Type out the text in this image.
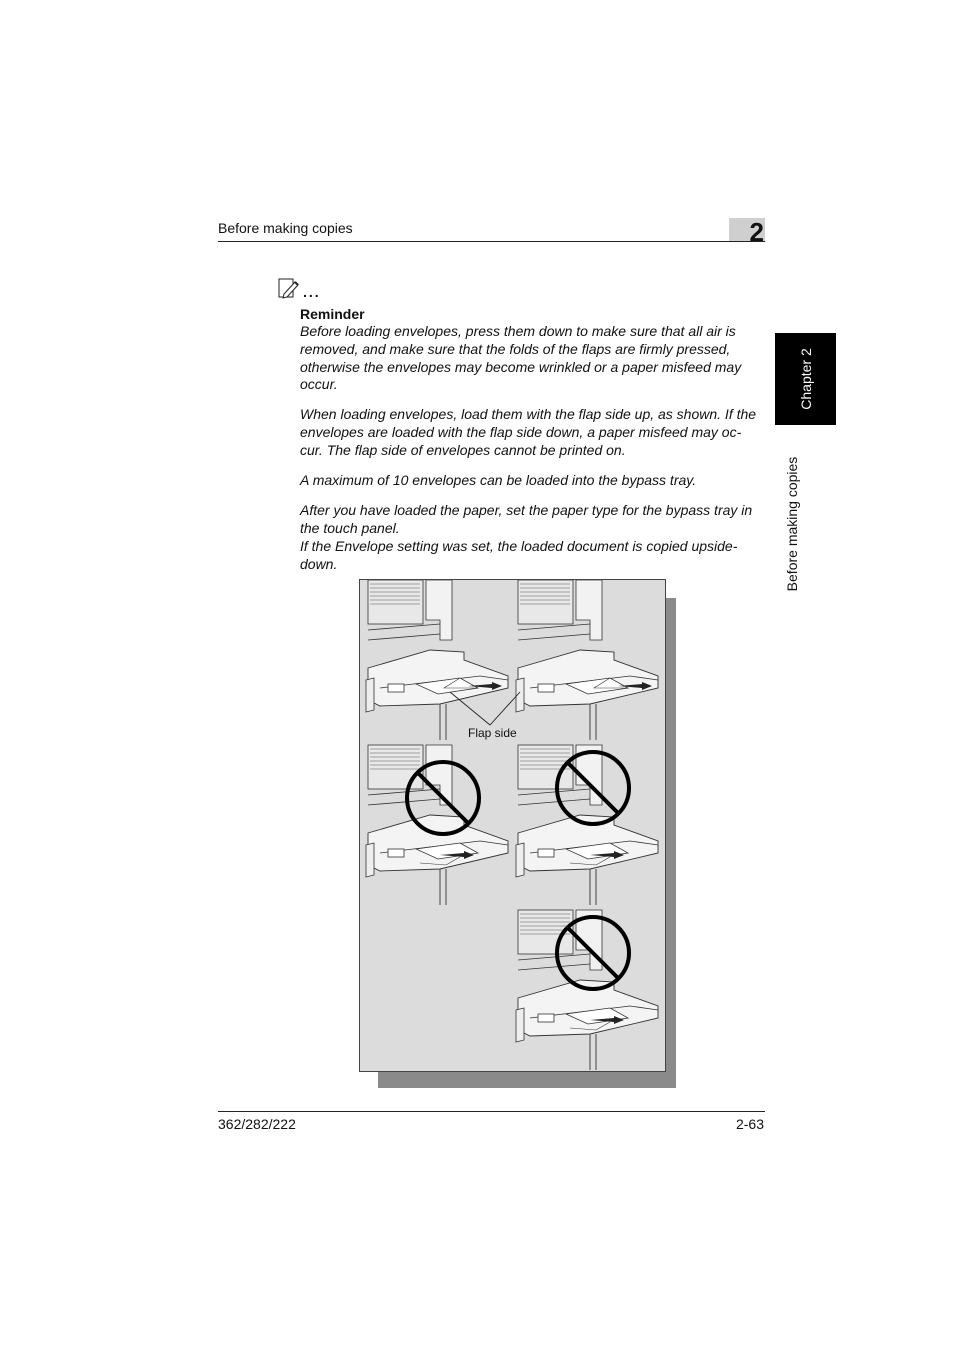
Before making copies	2
Chapter 2
Before making copies
...
Reminder
Before loading envelopes, press them down to make sure that all air is removed, and make sure that the folds of the flaps are firmly pressed, otherwise the envelopes may become wrinkled or a paper misfeed may occur.
When loading envelopes, load them with the flap side up, as shown. If the envelopes are loaded with the flap side down, a paper misfeed may oc-cur. The flap side of envelopes cannot be printed on.
A maximum of 10 envelopes can be loaded into the bypass tray.
After you have loaded the paper, set the paper type for the bypass tray in the touch panel.
If the Envelope setting was set, the loaded document is copied upside-down.
Flap side
362/282/222	2-63
